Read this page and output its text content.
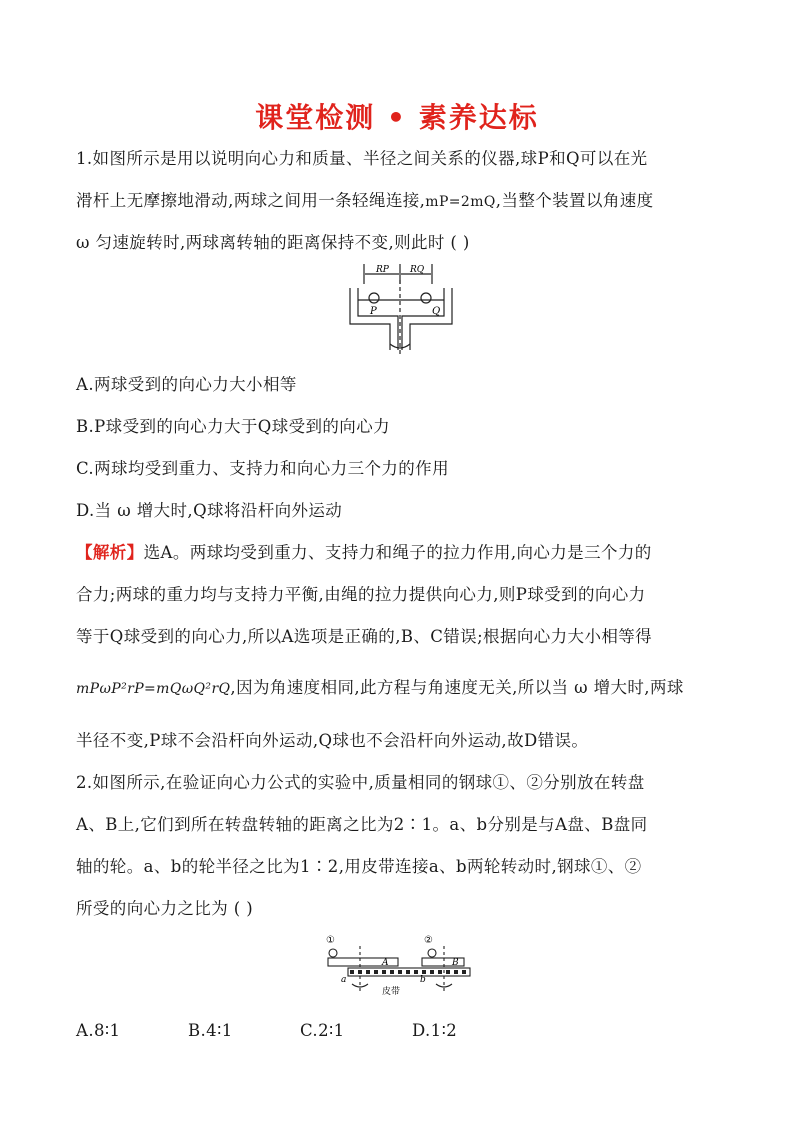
课堂检测 • 素养达标
1.如图所示是用以说明向心力和质量、半径之间关系的仪器,球P和Q可以在光
滑杆上无摩擦地滑动,两球之间用一条轻绳连接,mP=2mQ,当整个装置以角速度
ω 匀速旋转时,两球离转轴的距离保持不变,则此时 ( )
RP RQ
P	Q
A.两球受到的向心力大小相等
B.P球受到的向心力大于Q球受到的向心力
C.两球均受到重力、支持力和向心力三个力的作用
D.当 ω 增大时,Q球将沿杆向外运动
【解析】选A。两球均受到重力、支持力和绳子的拉力作用,向心力是三个力的
合力;两球的重力均与支持力平衡,由绳的拉力提供向心力,则P球受到的向心力
等于Q球受到的向心力,所以A选项是正确的,B、C错误;根据向心力大小相等得
mPωP²rP=mQωQ²rQ,因为角速度相同,此方程与角速度无关,所以当 ω 增大时,两球
半径不变,P球不会沿杆向外运动,Q球也不会沿杆向外运动,故D错误。
2.如图所示,在验证向心力公式的实验中,质量相同的钢球①、②分别放在转盘
A、B上,它们到所在转盘转轴的距离之比为2∶1。a、b分别是与A盘、B盘同
轴的轮。a、b的轮半径之比为1∶2,用皮带连接a、b两轮转动时,钢球①、②
所受的向心力之比为 ( )
①	②
A	B
a	b
皮带
A.8∶1	B.4∶1	C.2∶1	D.1∶2
